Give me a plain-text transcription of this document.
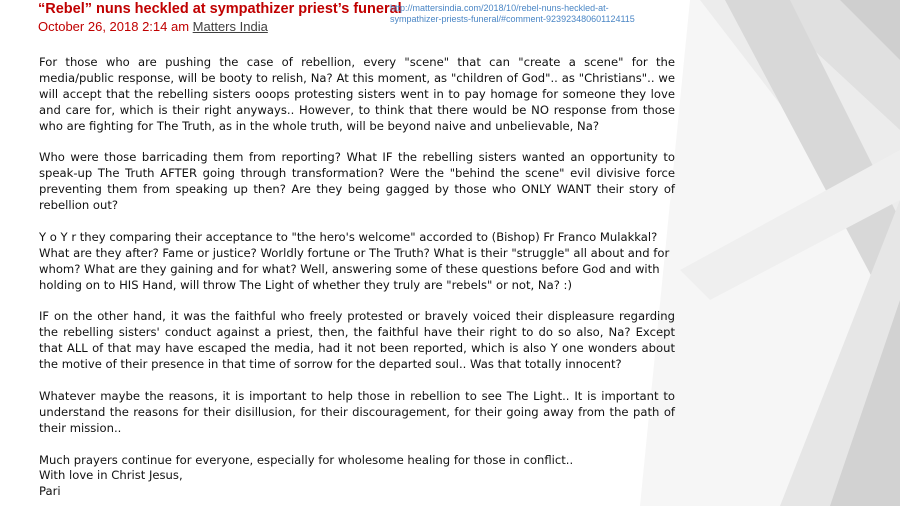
“Rebel” nuns heckled at sympathizer priest’s funeral
October 26, 2018 2:14 am Matters India
http://mattersindia.com/2018/10/rebel-nuns-heckled-at-
sympathizer-priests-funeral/#comment-923923480601124115

For those who are pushing the case of rebellion, every "scene" that can "create a scene" for the media/public response, will be booty to relish, Na? At this moment, as "children of God".. as "Christians".. we will accept that the rebelling sisters ooops protesting sisters went in to pay homage for someone they love and care for, which is their right anyways.. However, to think that there would be NO response from those who are fighting for The Truth, as in the whole truth, will be beyond naive and unbelievable, Na?

Who were those barricading them from reporting? What IF the rebelling sisters wanted an opportunity to speak-up The Truth AFTER going through transformation? Were the "behind the scene" evil divisive force preventing them from speaking up then? Are they being gagged by those who ONLY WANT their story of rebellion out?

Y o Y r they comparing their acceptance to "the hero's welcome" accorded to (Bishop) Fr Franco Mulakkal? What are they after? Fame or justice? Worldly fortune or The Truth? What is their "struggle" all about and for whom? What are they gaining and for what? Well, answering some of these questions before God and with holding on to HIS Hand, will throw The Light of whether they truly are "rebels" or not, Na? :)

IF on the other hand, it was the faithful who freely protested or bravely voiced their displeasure regarding the rebelling sisters' conduct against a priest, then, the faithful have their right to do so also, Na? Except that ALL of that may have escaped the media, had it not been reported, which is also Y one wonders about the motive of their presence in that time of sorrow for the departed soul.. Was that totally innocent?

Whatever maybe the reasons, it is important to help those in rebellion to see The Light.. It is important to understand the reasons for their disillusion, for their discouragement, for their going away from the path of their mission..

Much prayers continue for everyone, especially for wholesome healing for those in conflict..
With love in Christ Jesus,
Pari
